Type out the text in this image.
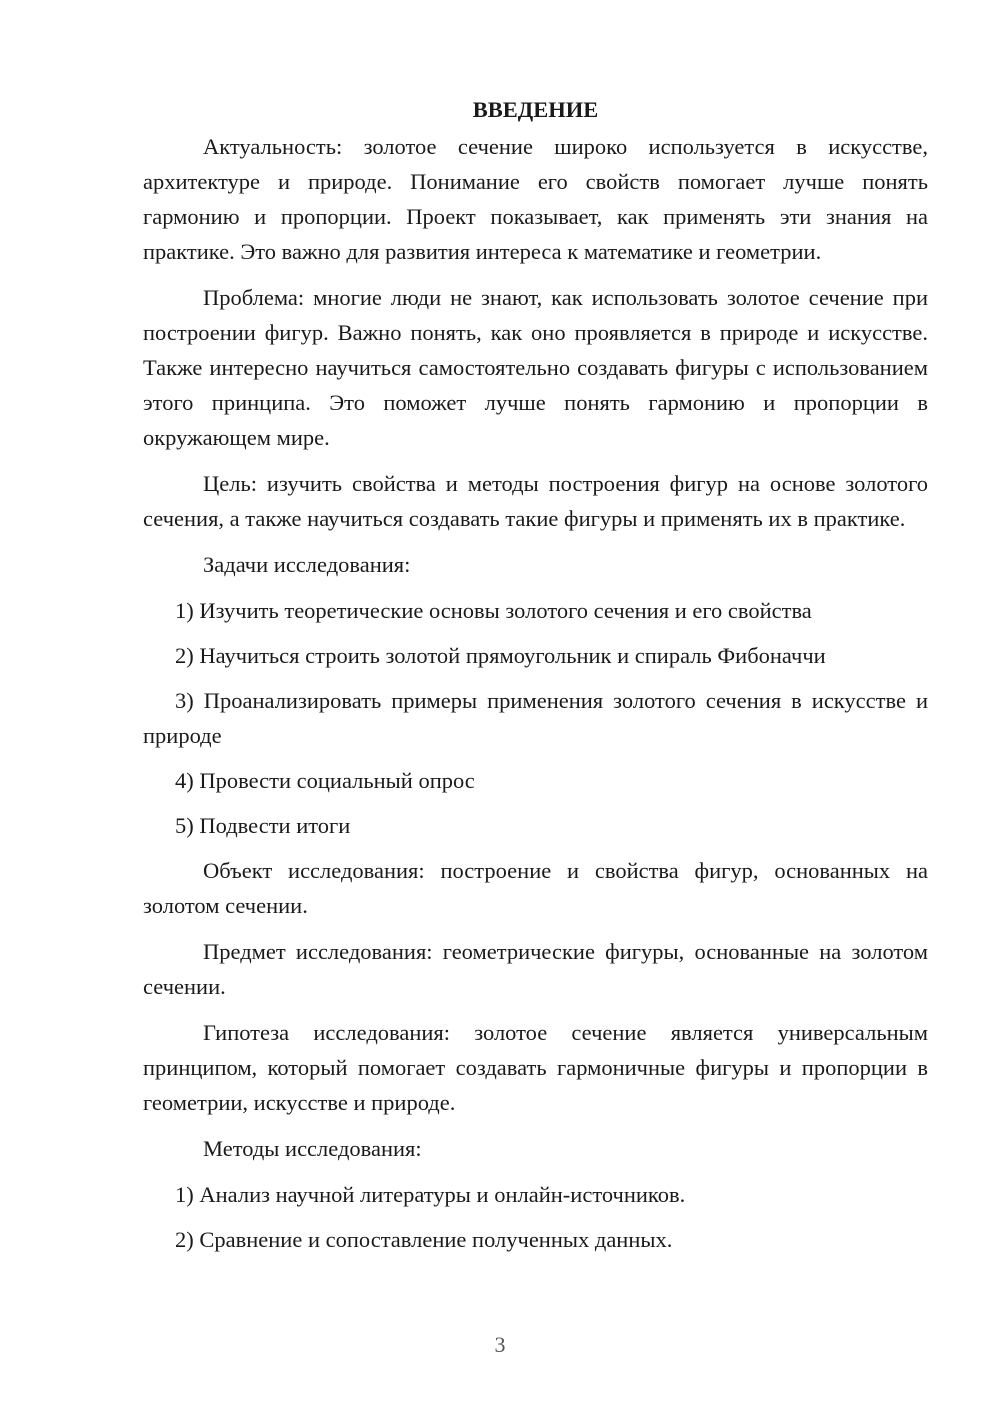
ВВЕДЕНИЕ

Актуальность: золотое сечение широко используется в искусстве, архитектуре и природе. Понимание его свойств помогает лучше понять гармонию и пропорции. Проект показывает, как применять эти знания на практике. Это важно для развития интереса к математике и геометрии.

Проблема: многие люди не знают, как использовать золотое сечение при построении фигур. Важно понять, как оно проявляется в природе и искусстве. Также интересно научиться самостоятельно создавать фигуры с использованием этого принципа. Это поможет лучше понять гармонию и пропорции в окружающем мире.

Цель: изучить свойства и методы построения фигур на основе золотого сечения, а также научиться создавать такие фигуры и применять их в практике.

Задачи исследования:

1) Изучить теоретические основы золотого сечения и его свойства

2) Научиться строить золотой прямоугольник и спираль Фибоначчи

3) Проанализировать примеры применения золотого сечения в искусстве и природе

4) Провести социальный опрос

5) Подвести итоги

Объект исследования: построение и свойства фигур, основанных на золотом сечении.

Предмет исследования: геометрические фигуры, основанные на золотом сечении.

Гипотеза исследования: золотое сечение является универсальным принципом, который помогает создавать гармоничные фигуры и пропорции в геометрии, искусстве и природе.

Методы исследования:

1) Анализ научной литературы и онлайн-источников.

2) Сравнение и сопоставление полученных данных.

3
